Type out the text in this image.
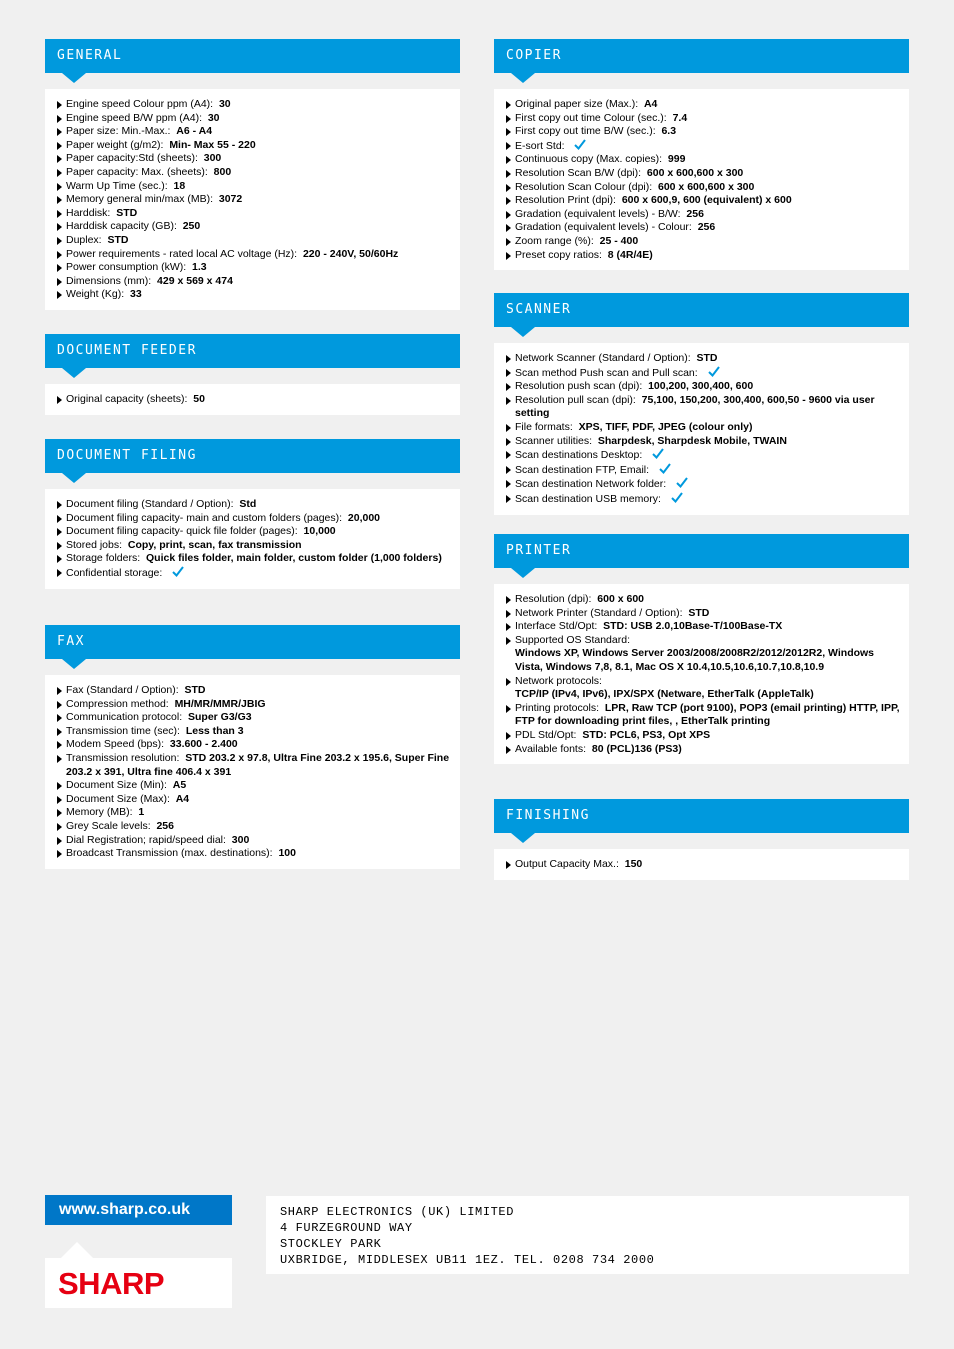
GENERAL
Engine speed Colour ppm (A4): 30
Engine speed B/W ppm (A4): 30
Paper size: Min.-Max.: A6 - A4
Paper weight (g/m2): Min- Max 55 - 220
Paper capacity:Std (sheets): 300
Paper capacity: Max. (sheets): 800
Warm Up Time (sec.): 18
Memory general min/max (MB): 3072
Harddisk: STD
Harddisk capacity (GB): 250
Duplex: STD
Power requirements - rated local AC voltage (Hz): 220 - 240V, 50/60Hz
Power consumption (kW): 1.3
Dimensions (mm): 429 x 569 x 474
Weight (Kg): 33
DOCUMENT FEEDER
Original capacity (sheets): 50
DOCUMENT FILING
Document filing (Standard / Option): Std
Document filing capacity- main and custom folders (pages): 20,000
Document filing capacity- quick file folder (pages): 10,000
Stored jobs: Copy, print, scan, fax transmission
Storage folders: Quick files folder, main folder, custom folder (1,000 folders)
Confidential storage:
FAX
Fax (Standard / Option): STD
Compression method: MH/MR/MMR/JBIG
Communication protocol: Super G3/G3
Transmission time (sec): Less than 3
Modem Speed (bps): 33.600 - 2.400
Transmission resolution: STD 203.2 x 97.8, Ultra Fine 203.2 x 195.6, Super Fine 203.2 x 391, Ultra fine 406.4 x 391
Document Size (Min): A5
Document Size (Max): A4
Memory (MB): 1
Grey Scale levels: 256
Dial Registration; rapid/speed dial: 300
Broadcast Transmission (max. destinations): 100
COPIER
Original paper size (Max.): A4
First copy out time Colour (sec.): 7.4
First copy out time B/W (sec.): 6.3
E-sort Std:
Continuous copy (Max. copies): 999
Resolution Scan B/W (dpi): 600 x 600,600 x 300
Resolution Scan Colour (dpi): 600 x 600,600 x 300
Resolution Print (dpi): 600 x 600,9, 600 (equivalent) x 600
Gradation (equivalent levels) - B/W: 256
Gradation (equivalent levels) - Colour: 256
Zoom range (%): 25 - 400
Preset copy ratios: 8 (4R/4E)
SCANNER
Network Scanner (Standard / Option): STD
Scan method Push scan and Pull scan:
Resolution push scan (dpi): 100,200, 300,400, 600
Resolution pull scan (dpi): 75,100, 150,200, 300,400, 600,50 - 9600 via user setting
File formats: XPS, TIFF, PDF, JPEG (colour only)
Scanner utilities: Sharpdesk, Sharpdesk Mobile, TWAIN
Scan destinations Desktop:
Scan destination FTP, Email:
Scan destination Network folder:
Scan destination USB memory:
PRINTER
Resolution (dpi): 600 x 600
Network Printer (Standard / Option): STD
Interface Std/Opt: STD: USB 2.0,10Base-T/100Base-TX
Supported OS Standard:
Windows XP, Windows Server 2003/2008/2008R2/2012/2012R2, Windows Vista, Windows 7,8, 8.1, Mac OS X 10.4,10.5,10.6,10.7,10.8,10.9
Network protocols:
TCP/IP (IPv4, IPv6), IPX/SPX (Netware, EtherTalk (AppleTalk)
Printing protocols: LPR, Raw TCP (port 9100), POP3 (email printing) HTTP, IPP, FTP for downloading print files, , EtherTalk printing
PDL Std/Opt: STD: PCL6, PS3, Opt XPS
Available fonts: 80 (PCL)136 (PS3)
FINISHING
Output Capacity Max.: 150
www.sharp.co.uk
SHARP
SHARP ELECTRONICS (UK) LIMITED
4 FURZEGROUND WAY
STOCKLEY PARK
UXBRIDGE, MIDDLESEX UB11 1EZ. TEL. 0208 734 2000
